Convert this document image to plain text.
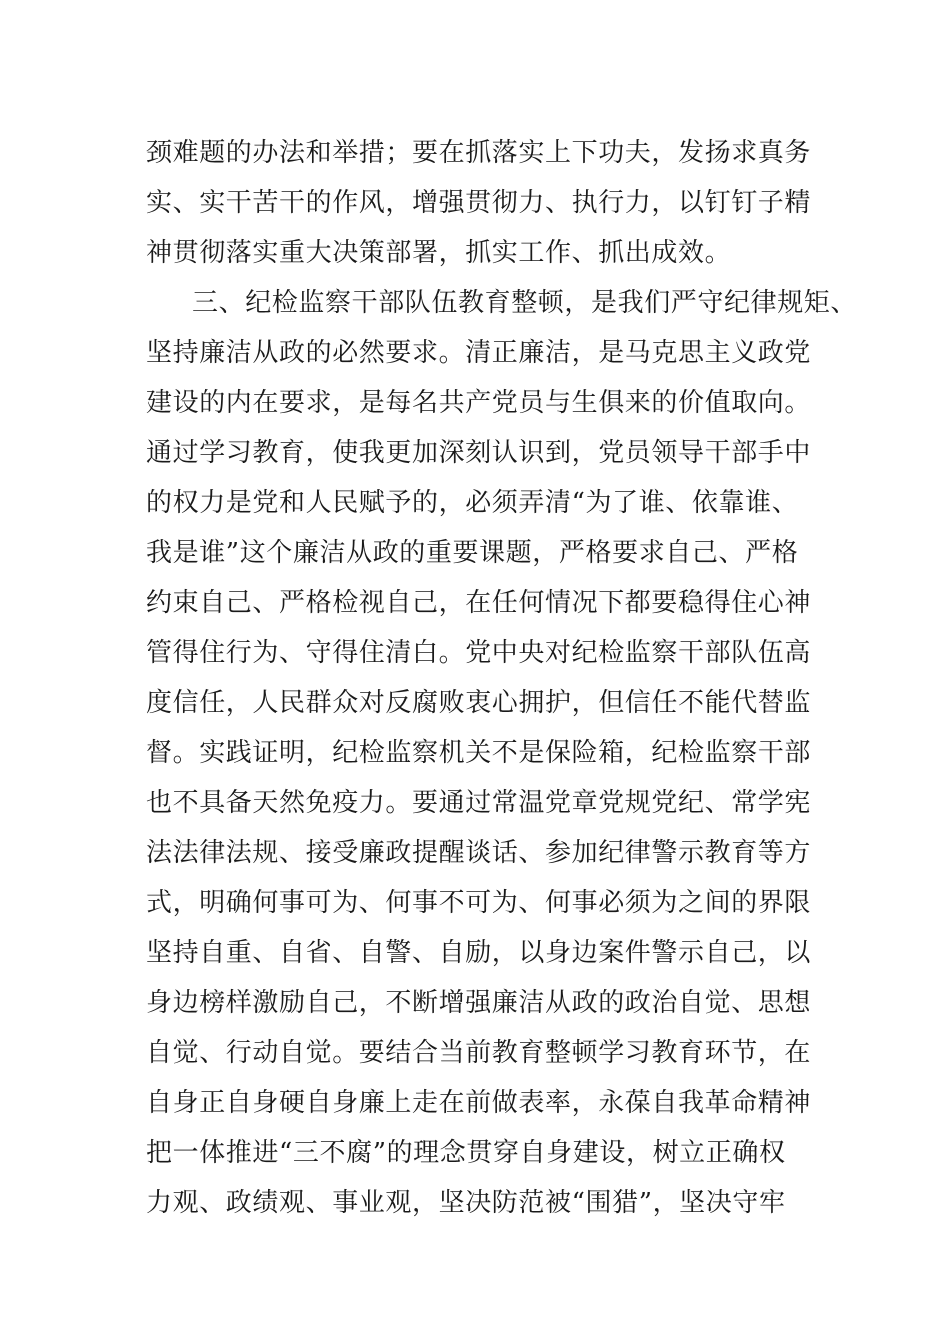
颈难题的办法和举措；要在抓落实上下功夫，发扬求真务
实、实干苦干的作风，增强贯彻力、执行力，以钉钉子精
神贯彻落实重大决策部署，抓实工作、抓出成效。
三、纪检监察干部队伍教育整顿，是我们严守纪律规矩、
坚持廉洁从政的必然要求。清正廉洁，是马克思主义政党
建设的内在要求，是每名共产党员与生俱来的价值取向。
通过学习教育，使我更加深刻认识到，党员领导干部手中
的权力是党和人民赋予的，必须弄清“为了谁、依靠谁、
我是谁”这个廉洁从政的重要课题，严格要求自己、严格
约束自己、严格检视自己，在任何情况下都要稳得住心神
管得住行为、守得住清白。党中央对纪检监察干部队伍高
度信任，人民群众对反腐败衷心拥护，但信任不能代替监
督。实践证明，纪检监察机关不是保险箱，纪检监察干部
也不具备天然免疫力。要通过常温党章党规党纪、常学宪
法法律法规、接受廉政提醒谈话、参加纪律警示教育等方
式，明确何事可为、何事不可为、何事必须为之间的界限
坚持自重、自省、自警、自励，以身边案件警示自己，以
身边榜样激励自己，不断增强廉洁从政的政治自觉、思想
自觉、行动自觉。要结合当前教育整顿学习教育环节，在
自身正自身硬自身廉上走在前做表率，永葆自我革命精神
把一体推进“三不腐”的理念贯穿自身建设，树立正确权
力观、政绩观、事业观，坚决防范被“围猎”，坚决守牢
